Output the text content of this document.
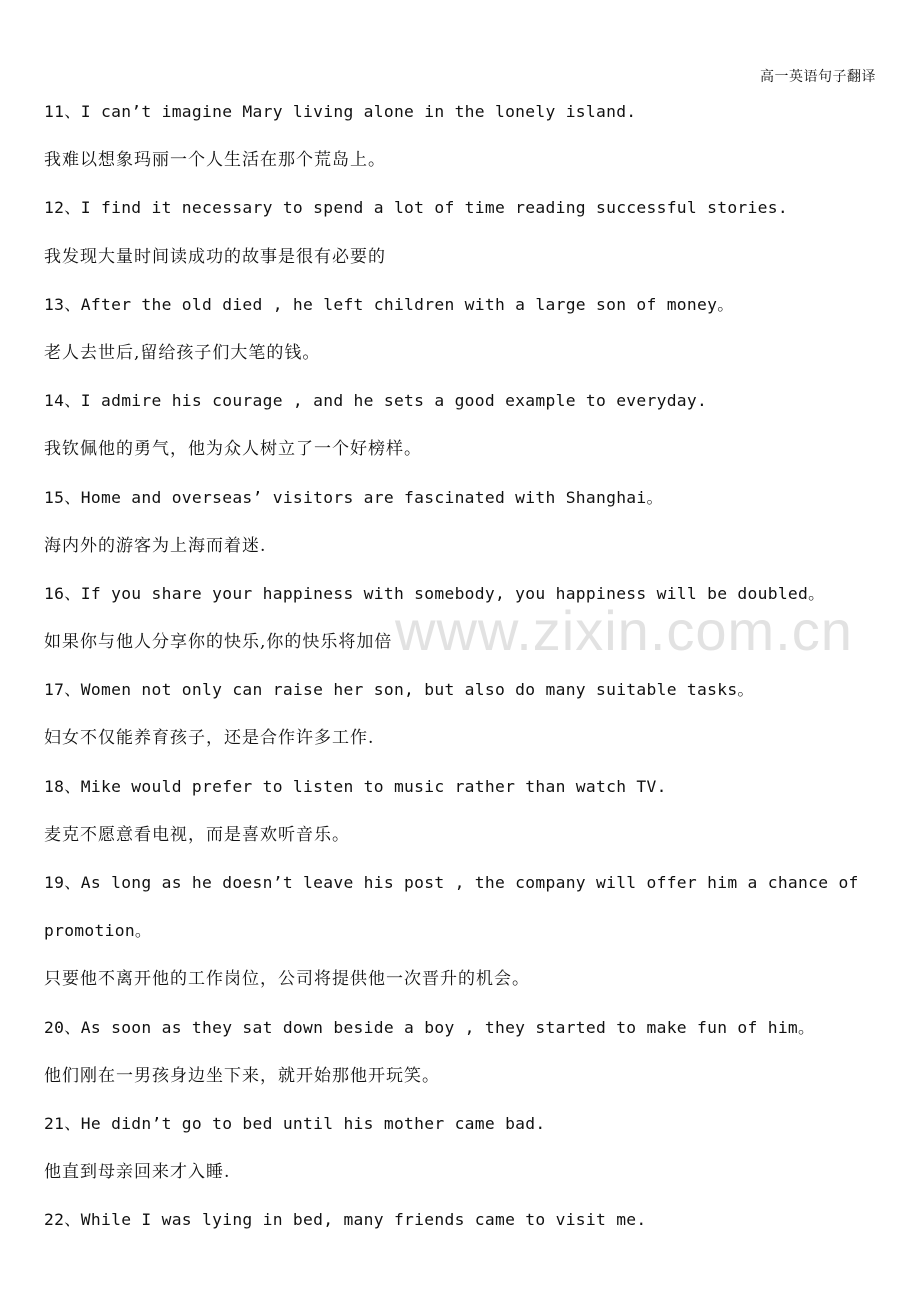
高一英语句子翻译
www.zixin.com.cn
11、I can’t imagine Mary living alone in the lonely island.
我难以想象玛丽一个人生活在那个荒岛上。
12、I find it necessary to spend a lot of time reading successful stories.
我发现大量时间读成功的故事是很有必要的
13、After the old died , he left children with a large son of money。
老人去世后,留给孩子们大笔的钱。
14、I admire his courage , and he sets a good example to everyday.
我钦佩他的勇气，他为众人树立了一个好榜样。
15、Home and overseas’ visitors are fascinated with Shanghai。
海内外的游客为上海而着迷.
16、If you share your happiness with somebody, you happiness will be doubled。
如果你与他人分享你的快乐,你的快乐将加倍
17、Women not only can raise her son, but also do many suitable tasks。
妇女不仅能养育孩子，还是合作许多工作.
18、Mike would prefer to listen to music rather than watch TV.
麦克不愿意看电视，而是喜欢听音乐。
19、As long as he doesn’t leave his post , the company will offer him a chance of
promotion。
只要他不离开他的工作岗位，公司将提供他一次晋升的机会。
20、As soon as they sat down beside a boy , they started to make fun of him。
他们刚在一男孩身边坐下来，就开始那他开玩笑。
21、He didn’t go to bed until his mother came bad.
他直到母亲回来才入睡.
22、While I was lying in bed, many friends came to visit me.
